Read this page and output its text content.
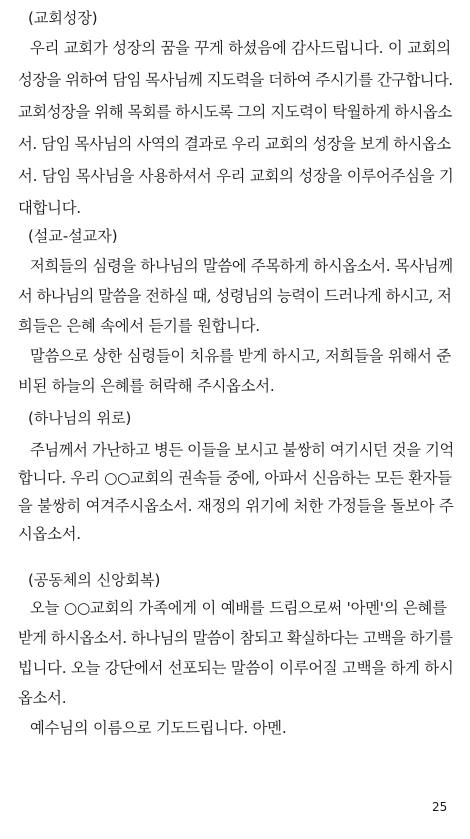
(교회성장)
우리 교회가 성장의 꿈을 꾸게 하셨음에 감사드립니다. 이 교회의
성장을 위하여 담임 목사님께 지도력을 더하여 주시기를 간구합니다.
교회성장을 위해 목회를 하시도록 그의 지도력이 탁월하게 하시옵소
서. 담임 목사님의 사역의 결과로 우리 교회의 성장을 보게 하시옵소
서. 담임 목사님을 사용하셔서 우리 교회의 성장을 이루어주심을 기
대합니다.
(설교-설교자)
저희들의 심령을 하나님의 말씀에 주목하게 하시옵소서. 목사님께
서 하나님의 말씀을 전하실 때, 성령님의 능력이 드러나게 하시고, 저
희들은 은혜 속에서 듣기를 원합니다.
말씀으로 상한 심령들이 치유를 받게 하시고, 저희들을 위해서 준
비된 하늘의 은혜를 허락해 주시옵소서.
(하나님의 위로)
주님께서 가난하고 병든 이들을 보시고 불쌍히 여기시던 것을 기억
합니다. 우리 ○○교회의 권속들 중에, 아파서 신음하는 모든 환자들
을 불쌍히 여겨주시옵소서. 재정의 위기에 처한 가정들을 돌보아 주
시옵소서.
(공동체의 신앙회복)
오늘 ○○교회의 가족에게 이 예배를 드림으로써 '아멘'의 은혜를
받게 하시옵소서. 하나님의 말씀이 참되고 확실하다는 고백을 하기를
빕니다. 오늘 강단에서 선포되는 말씀이 이루어질 고백을 하게 하시
옵소서.
예수님의 이름으로 기도드립니다. 아멘.
25
